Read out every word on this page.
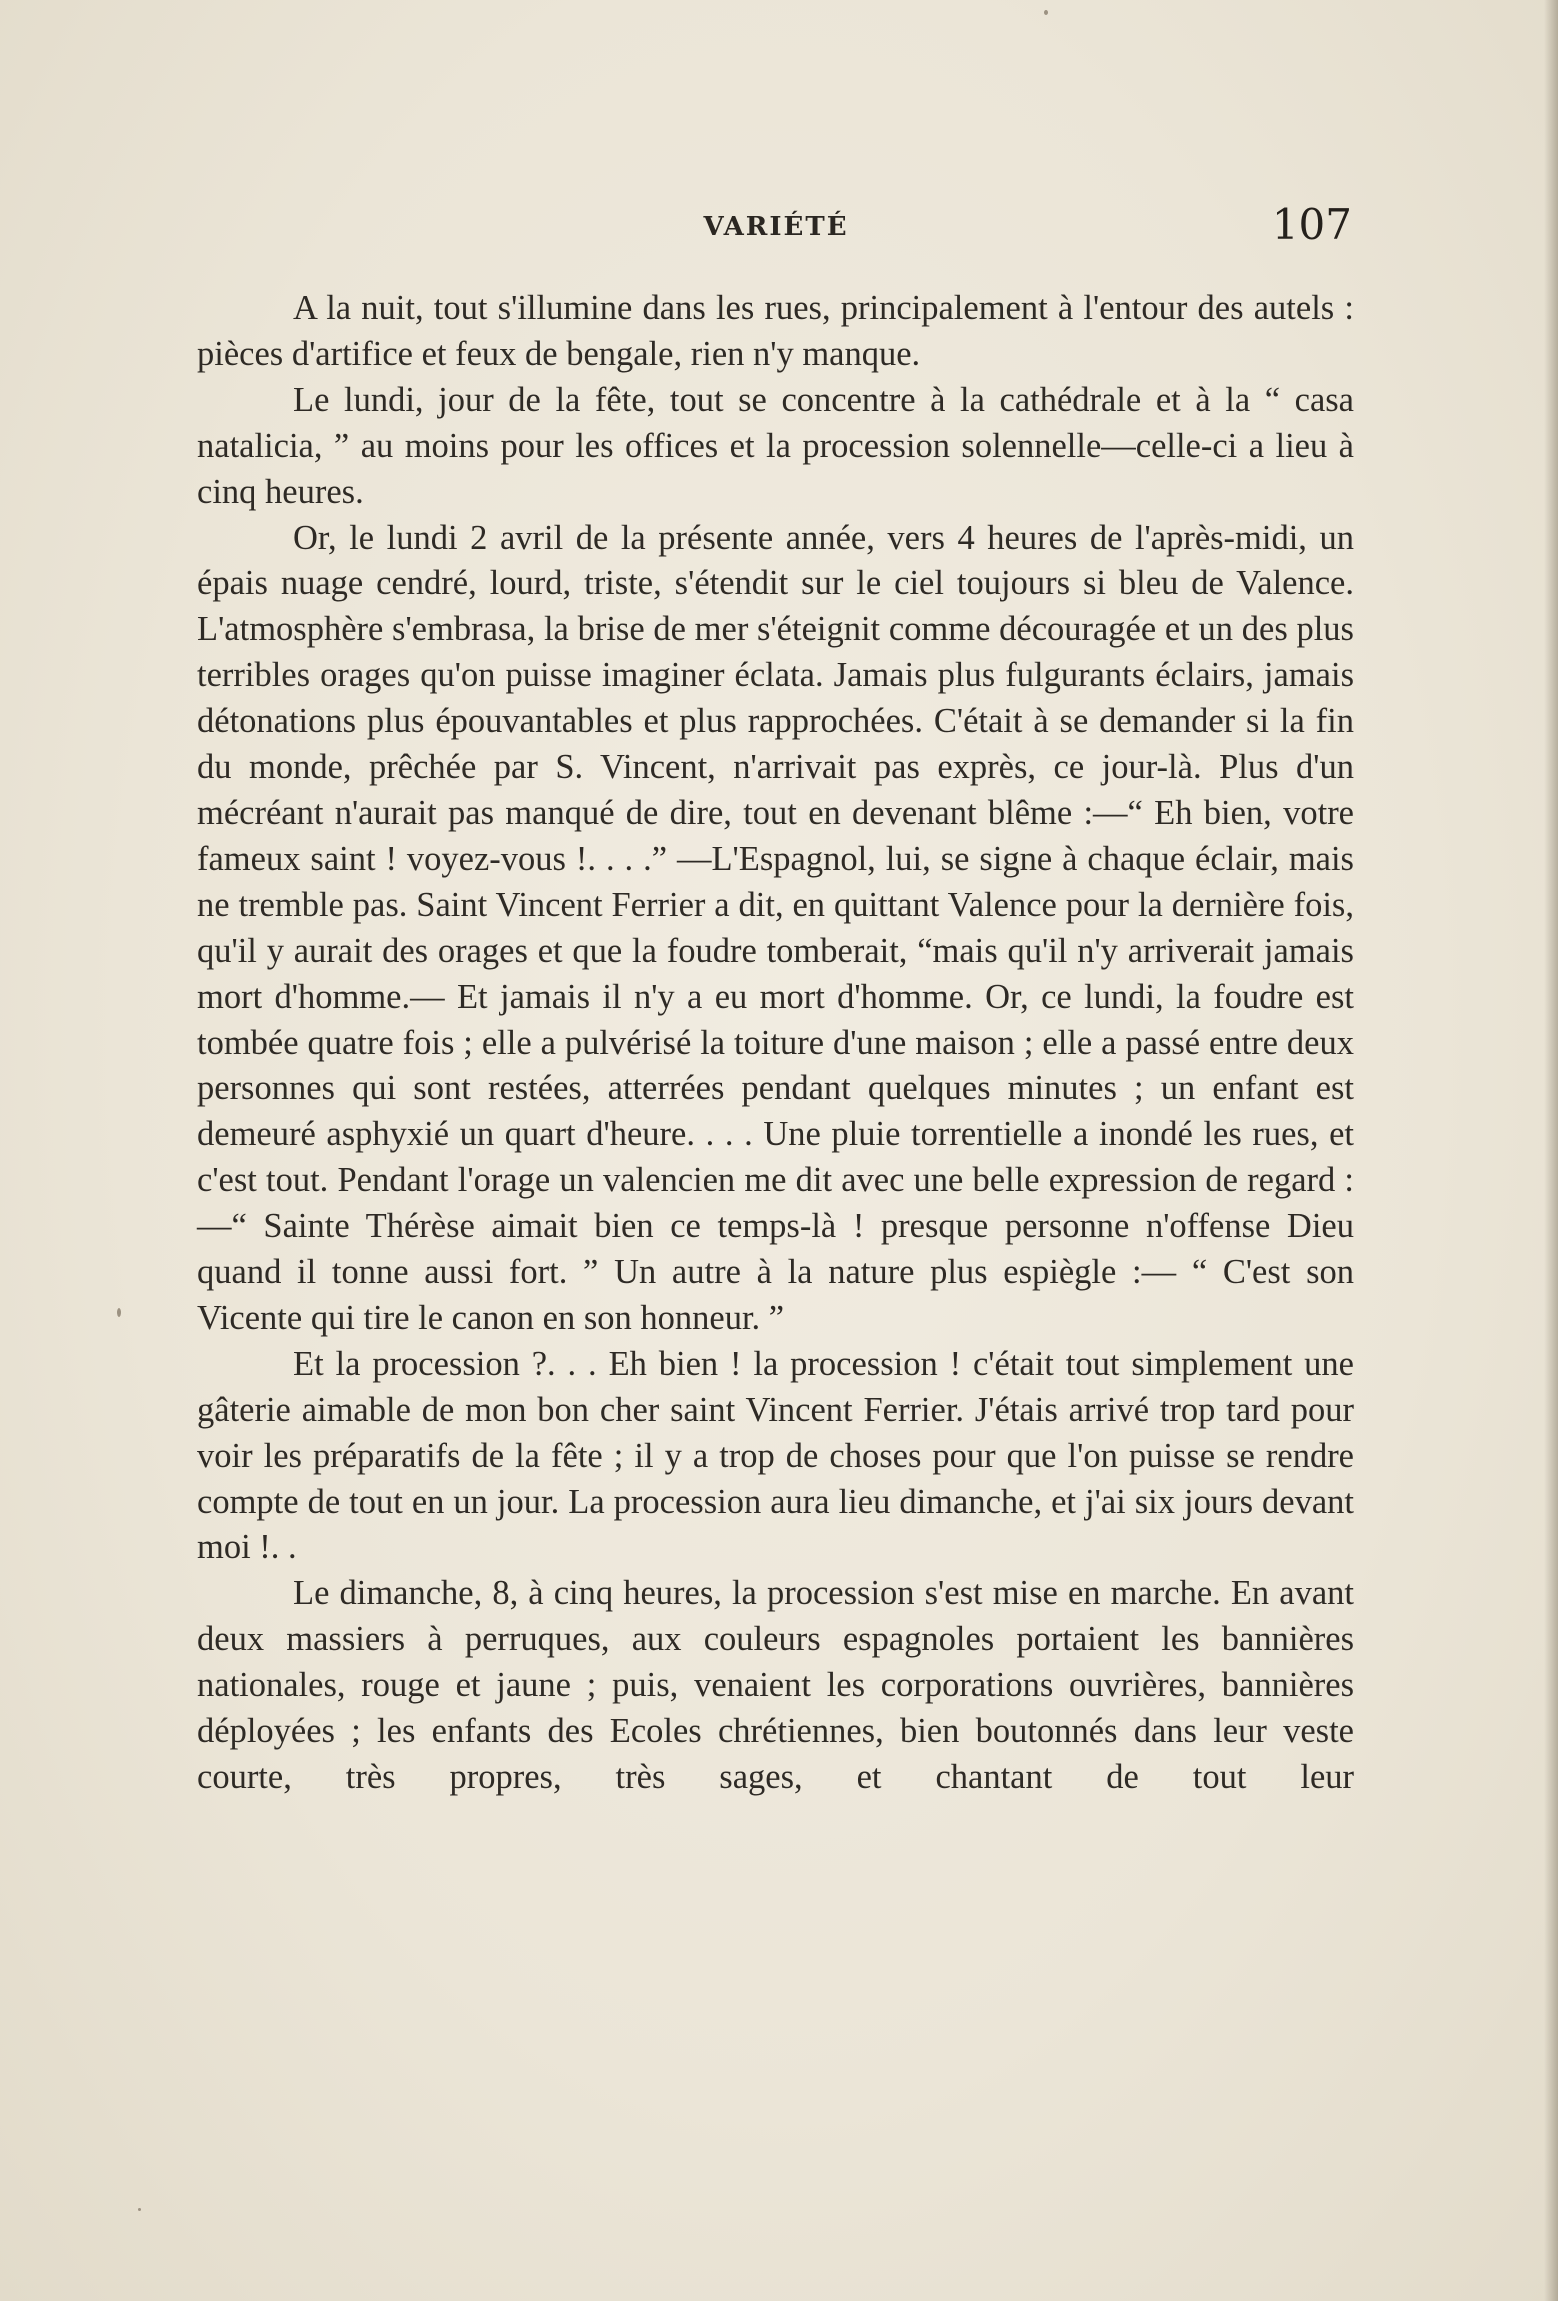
VARIÉTÉ	107

A la nuit, tout s'illumine dans les rues, principalement à l'entour des autels : pièces d'artifice et feux de bengale, rien n'y manque.

Le lundi, jour de la fête, tout se concentre à la cathédrale et à la “ casa natalicia, ” au moins pour les offices et la procession solennelle—celle-ci a lieu à cinq heures.

Or, le lundi 2 avril de la présente année, vers 4 heures de l'après-midi, un épais nuage cendré, lourd, triste, s'étendit sur le ciel toujours si bleu de Valence. L'atmosphère s'embrasa, la brise de mer s'éteignit comme découragée et un des plus terribles orages qu'on puisse imaginer éclata. Jamais plus fulgurants éclairs, jamais détonations plus épouvantables et plus rapprochées. C'était à se demander si la fin du monde, prêchée par S. Vincent, n'arrivait pas exprès, ce jour-là. Plus d'un mécréant n'aurait pas manqué de dire, tout en devenant blême :—“ Eh bien, votre fameux saint ! voyez-vous !. . . .” —L'Espagnol, lui, se signe à chaque éclair, mais ne tremble pas. Saint Vincent Ferrier a dit, en quittant Valence pour la dernière fois, qu'il y aurait des orages et que la foudre tomberait, “mais qu'il n'y arriverait jamais mort d'homme.— Et jamais il n'y a eu mort d'homme. Or, ce lundi, la foudre est tombée quatre fois ; elle a pulvérisé la toiture d'une maison ; elle a passé entre deux personnes qui sont restées, atterrées pendant quelques minutes ; un enfant est demeuré asphyxié un quart d'heure. . . . Une pluie torrentielle a inondé les rues, et c'est tout. Pendant l'orage un valencien me dit avec une belle expression de regard :—“ Sainte Thérèse aimait bien ce temps-là ! presque personne n'offense Dieu quand il tonne aussi fort. ” Un autre à la nature plus espiègle :— “ C'est son Vicente qui tire le canon en son honneur. ”

Et la procession ?. . . Eh bien ! la procession ! c'était tout simplement une gâterie aimable de mon bon cher saint Vincent Ferrier. J'étais arrivé trop tard pour voir les préparatifs de la fête ; il y a trop de choses pour que l'on puisse se rendre compte de tout en un jour. La procession aura lieu dimanche, et j'ai six jours devant moi !. .

Le dimanche, 8, à cinq heures, la procession s'est mise en marche. En avant deux massiers à perruques, aux couleurs espagnoles portaient les bannières nationales, rouge et jaune ; puis, venaient les corporations ouvrières, bannières déployées ; les enfants des Ecoles chrétiennes, bien boutonnés dans leur veste courte, très propres, très sages, et chantant de tout leur
